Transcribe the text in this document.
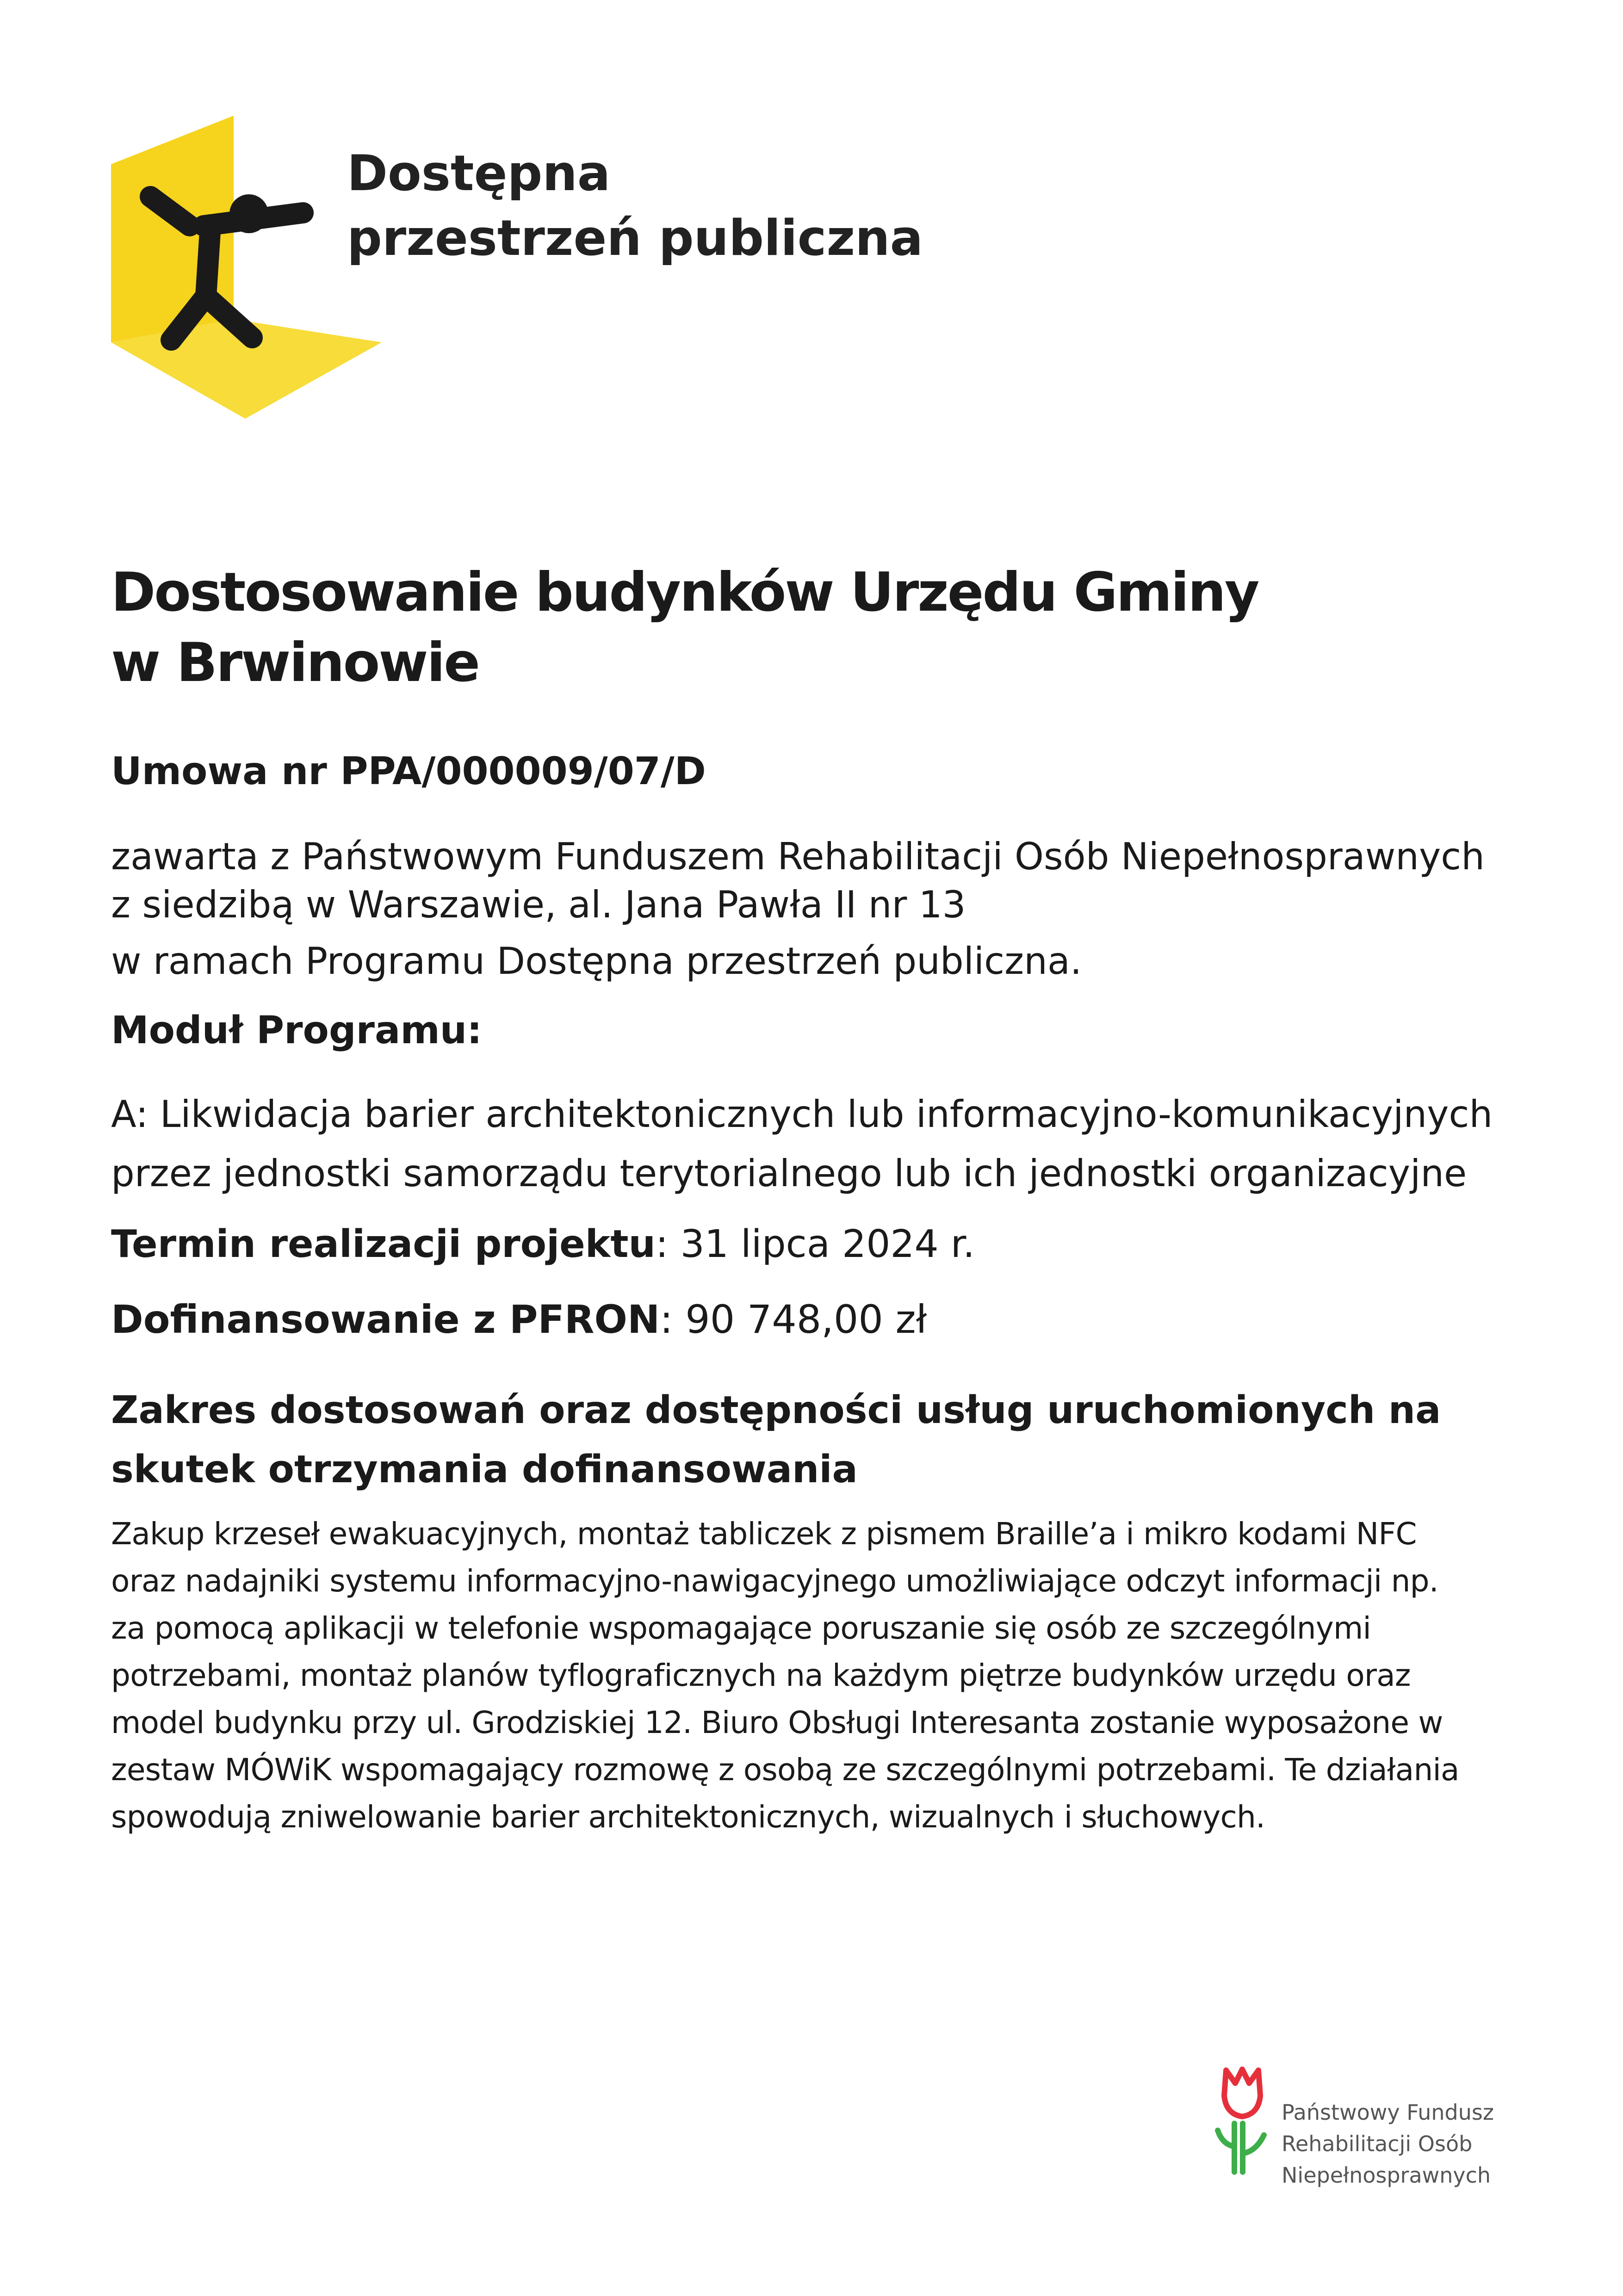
Dostępna
przestrzeń publiczna
Dostosowanie budynków Urzędu Gminy
w Brwinowie
Umowa nr PPA/000009/07/D

zawarta z Państwowym Funduszem Rehabilitacji Osób Niepełnosprawnych
z siedzibą w Warszawie, al. Jana Pawła II nr 13
w ramach Programu Dostępna przestrzeń publiczna.

Moduł Programu:

A: Likwidacja barier architektonicznych lub informacyjno-komunikacyjnych
przez jednostki samorządu terytorialnego lub ich jednostki organizacyjne

Termin realizacji projektu: 31 lipca 2024 r.

Dofinansowanie z PFRON: 90 748,00 zł

Zakres dostosowań oraz dostępności usług uruchomionych na
skutek otrzymania dofinansowania

Zakup krzeseł ewakuacyjnych, montaż tabliczek z pismem Braille’a i mikro kodami NFC
oraz nadajniki systemu informacyjno-nawigacyjnego umożliwiające odczyt informacji np.
za pomocą aplikacji w telefonie wspomagające poruszanie się osób ze szczególnymi
potrzebami, montaż planów tyflograficznych na każdym piętrze budynków urzędu oraz
model budynku przy ul. Grodziskiej 12. Biuro Obsługi Interesanta zostanie wyposażone w
zestaw MÓWiK wspomagający rozmowę z osobą ze szczególnymi potrzebami. Te działania
spowodują zniwelowanie barier architektonicznych, wizualnych i słuchowych.

Państwowy Fundusz
Rehabilitacji Osób
Niepełnosprawnych
